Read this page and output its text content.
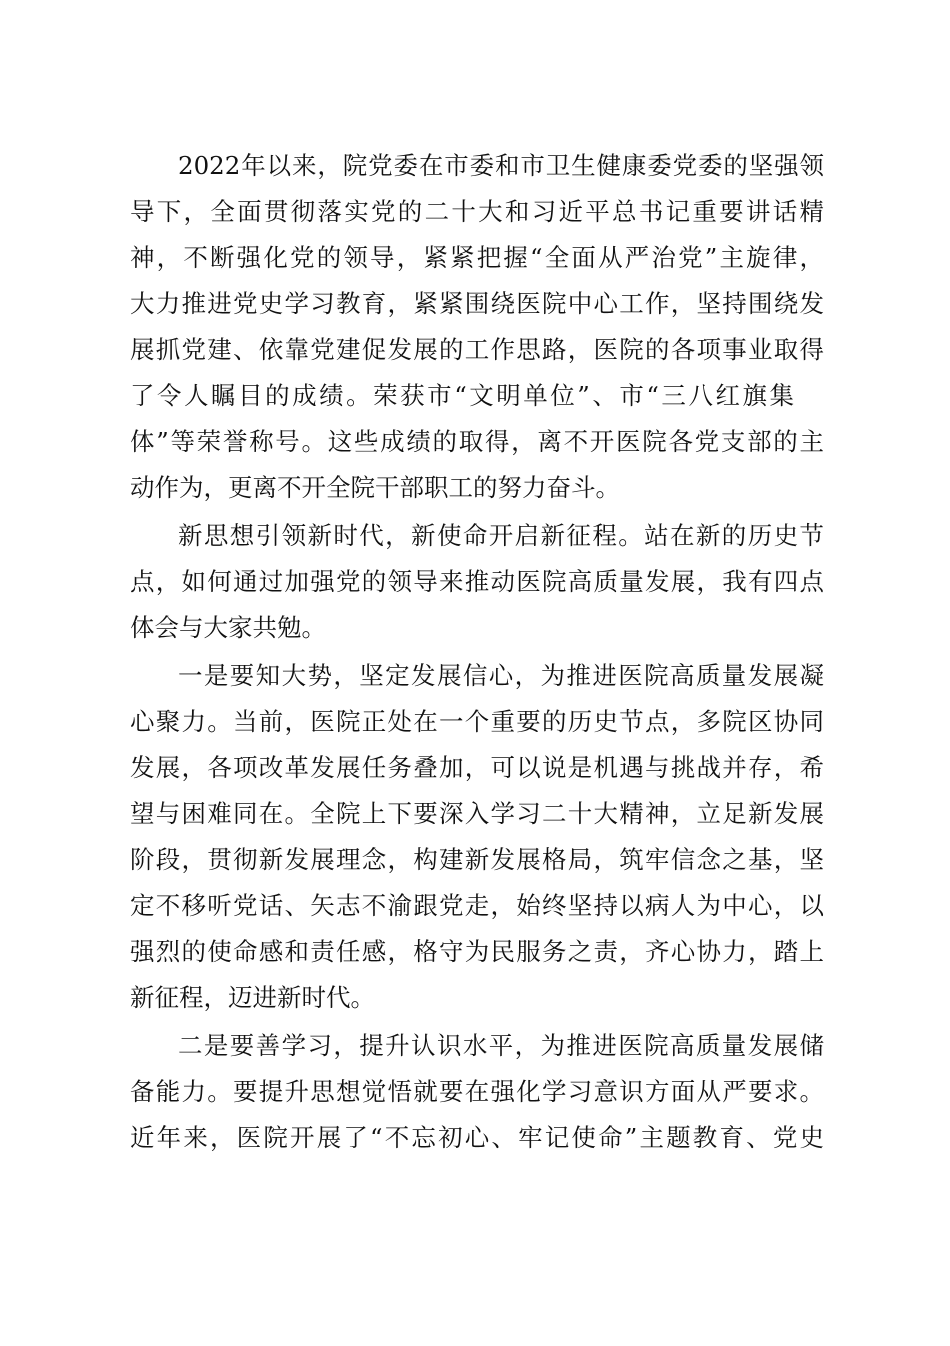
2022年以来，院党委在市委和市卫生健康委党委的坚强领
导下，全面贯彻落实党的二十大和习近平总书记重要讲话精
神，不断强化党的领导，紧紧把握“全面从严治党”主旋律，
大力推进党史学习教育，紧紧围绕医院中心工作，坚持围绕发
展抓党建、依靠党建促发展的工作思路，医院的各项事业取得
了令人瞩目的成绩。荣获市“文明单位”、市“三八红旗集
体”等荣誉称号。这些成绩的取得，离不开医院各党支部的主
动作为，更离不开全院干部职工的努力奋斗。
新思想引领新时代，新使命开启新征程。站在新的历史节
点，如何通过加强党的领导来推动医院高质量发展，我有四点
体会与大家共勉。
一是要知大势，坚定发展信心，为推进医院高质量发展凝
心聚力。当前，医院正处在一个重要的历史节点，多院区协同
发展，各项改革发展任务叠加，可以说是机遇与挑战并存，希
望与困难同在。全院上下要深入学习二十大精神，立足新发展
阶段，贯彻新发展理念，构建新发展格局，筑牢信念之基，坚
定不移听党话、矢志不渝跟党走，始终坚持以病人为中心，以
强烈的使命感和责任感，格守为民服务之责，齐心协力，踏上
新征程，迈进新时代。
二是要善学习，提升认识水平，为推进医院高质量发展储
备能力。要提升思想觉悟就要在强化学习意识方面从严要求。
近年来，医院开展了“不忘初心、牢记使命”主题教育、党史
